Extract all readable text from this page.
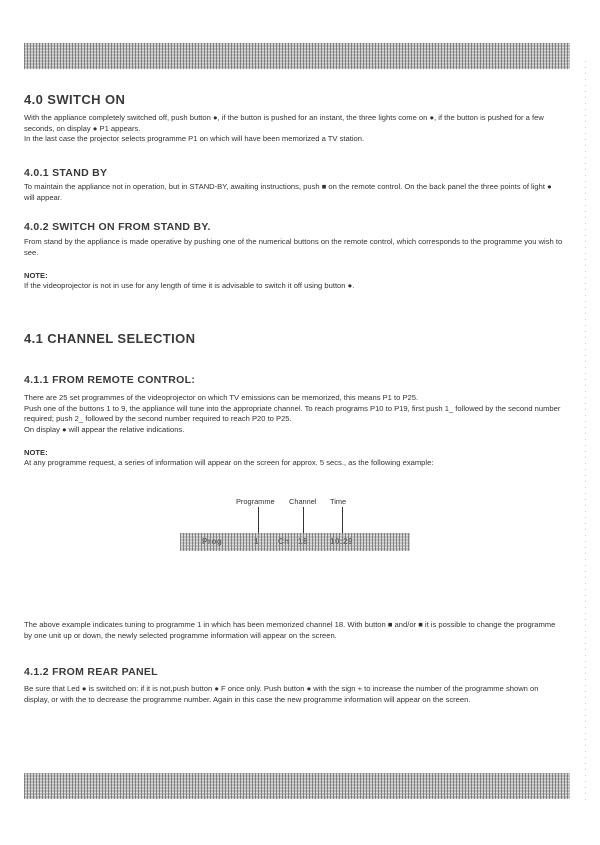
4.0 SWITCH ON

With the appliance completely switched off, push button ●, if the button is pushed for an instant, the three lights come on ●, if the button is pushed for a few seconds, on display ● P1 appears.

In the last case the projector selects programme P1 on which will have been memorized a TV station.

4.0.1 STAND BY

To maintain the appliance not in operation, but in STAND-BY, awaiting instructions, push ■ on the remote control. On the back panel the three points of light ● will appear.

4.0.2 SWITCH ON FROM STAND BY.

From stand by the appliance is made operative by pushing one of the numerical buttons on the remote control, which corresponds to the programme you wish to see.

NOTE:

If the videoprojector is not in use for any length of time it is advisable to switch it off using button ●.

4.1 CHANNEL SELECTION
4.1.1 FROM REMOTE CONTROL:

There are 25 set programmes of the videoprojector on which TV emissions can be memorized, this means P1 to P25.

Push one of the buttons 1 to 9, the appliance will tune into the appropriate channel. To reach programs P10 to P19, first push 1_ followed by the second number required; push 2_ followed by the second number required to reach P20 to P25.

On display ● will appear the relative indications.

NOTE:

At any programme request, a series of information will appear on the screen for approx. 5 secs., as the following example:

Programme Channel Time
Prog	1 Ch 18	10:29

The above example indicates tuning to programme 1 in which has been memorized channel 18. With button ■ and/or ■ it is possible to change the programme by one unit up or down, the newly selected programme information will appear on the screen.

4.1.2 FROM REAR PANEL

Be sure that Led ● is switched on: if it is not,push button ● F once only. Push button ● with the sign + to increase the number of the programme shown on display, or with the to decrease the programme number. Again in this case the new programme information will appear on the screen.
